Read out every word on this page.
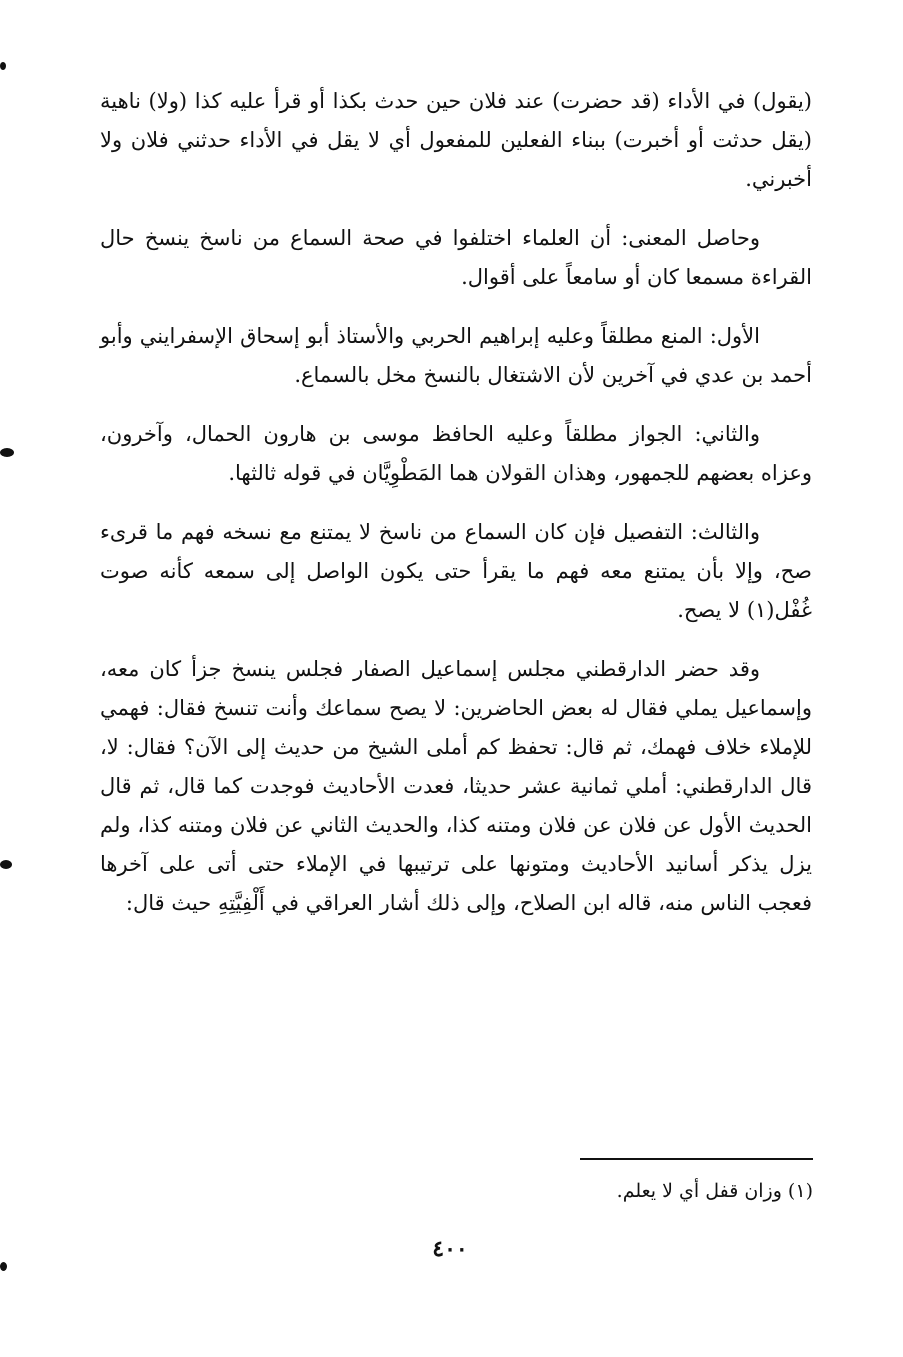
(يقول) في الأداء (قد حضرت) عند فلان حين حدث بكذا أو قرأ عليه كذا (ولا) ناهية (يقل حدثت أو أخبرت) ببناء الفعلين للمفعول أي لا يقل في الأداء حدثني فلان ولا أخبرني.

وحاصل المعنى: أن العلماء اختلفوا في صحة السماع من ناسخ ينسخ حال القراءة مسمعا كان أو سامعاً على أقوال.

الأول: المنع مطلقاً وعليه إبراهيم الحربي والأستاذ أبو إسحاق الإسفرايني وأبو أحمد بن عدي في آخرين لأن الاشتغال بالنسخ مخل بالسماع.

والثاني: الجواز مطلقاً وعليه الحافظ موسى بن هارون الحمال، وآخرون، وعزاه بعضهم للجمهور، وهذان القولان هما المَطْوِيَّان في قوله ثالثها.

والثالث: التفصيل فإن كان السماع من ناسخ لا يمتنع مع نسخه فهم ما قرىء صح، وإلا بأن يمتنع معه فهم ما يقرأ حتى يكون الواصل إلى سمعه كأنه صوت غُفْل(١) لا يصح.

وقد حضر الدارقطني مجلس إسماعيل الصفار فجلس ينسخ جزأ كان معه، وإسماعيل يملي فقال له بعض الحاضرين: لا يصح سماعك وأنت تنسخ فقال: فهمي للإملاء خلاف فهمك، ثم قال: تحفظ كم أملى الشيخ من حديث إلى الآن؟ فقال: لا، قال الدارقطني: أملي ثمانية عشر حديثا، فعدت الأحاديث فوجدت كما قال، ثم قال الحديث الأول عن فلان عن فلان ومتنه كذا، والحديث الثاني عن فلان ومتنه كذا، ولم يزل يذكر أسانيد الأحاديث ومتونها على ترتيبها في الإملاء حتى أتى على آخرها فعجب الناس منه، قاله ابن الصلاح، وإلى ذلك أشار العراقي في أَلْفِيَّتِهِ حيث قال:

(١) وزان قفل أي لا يعلم.
٤٠٠
